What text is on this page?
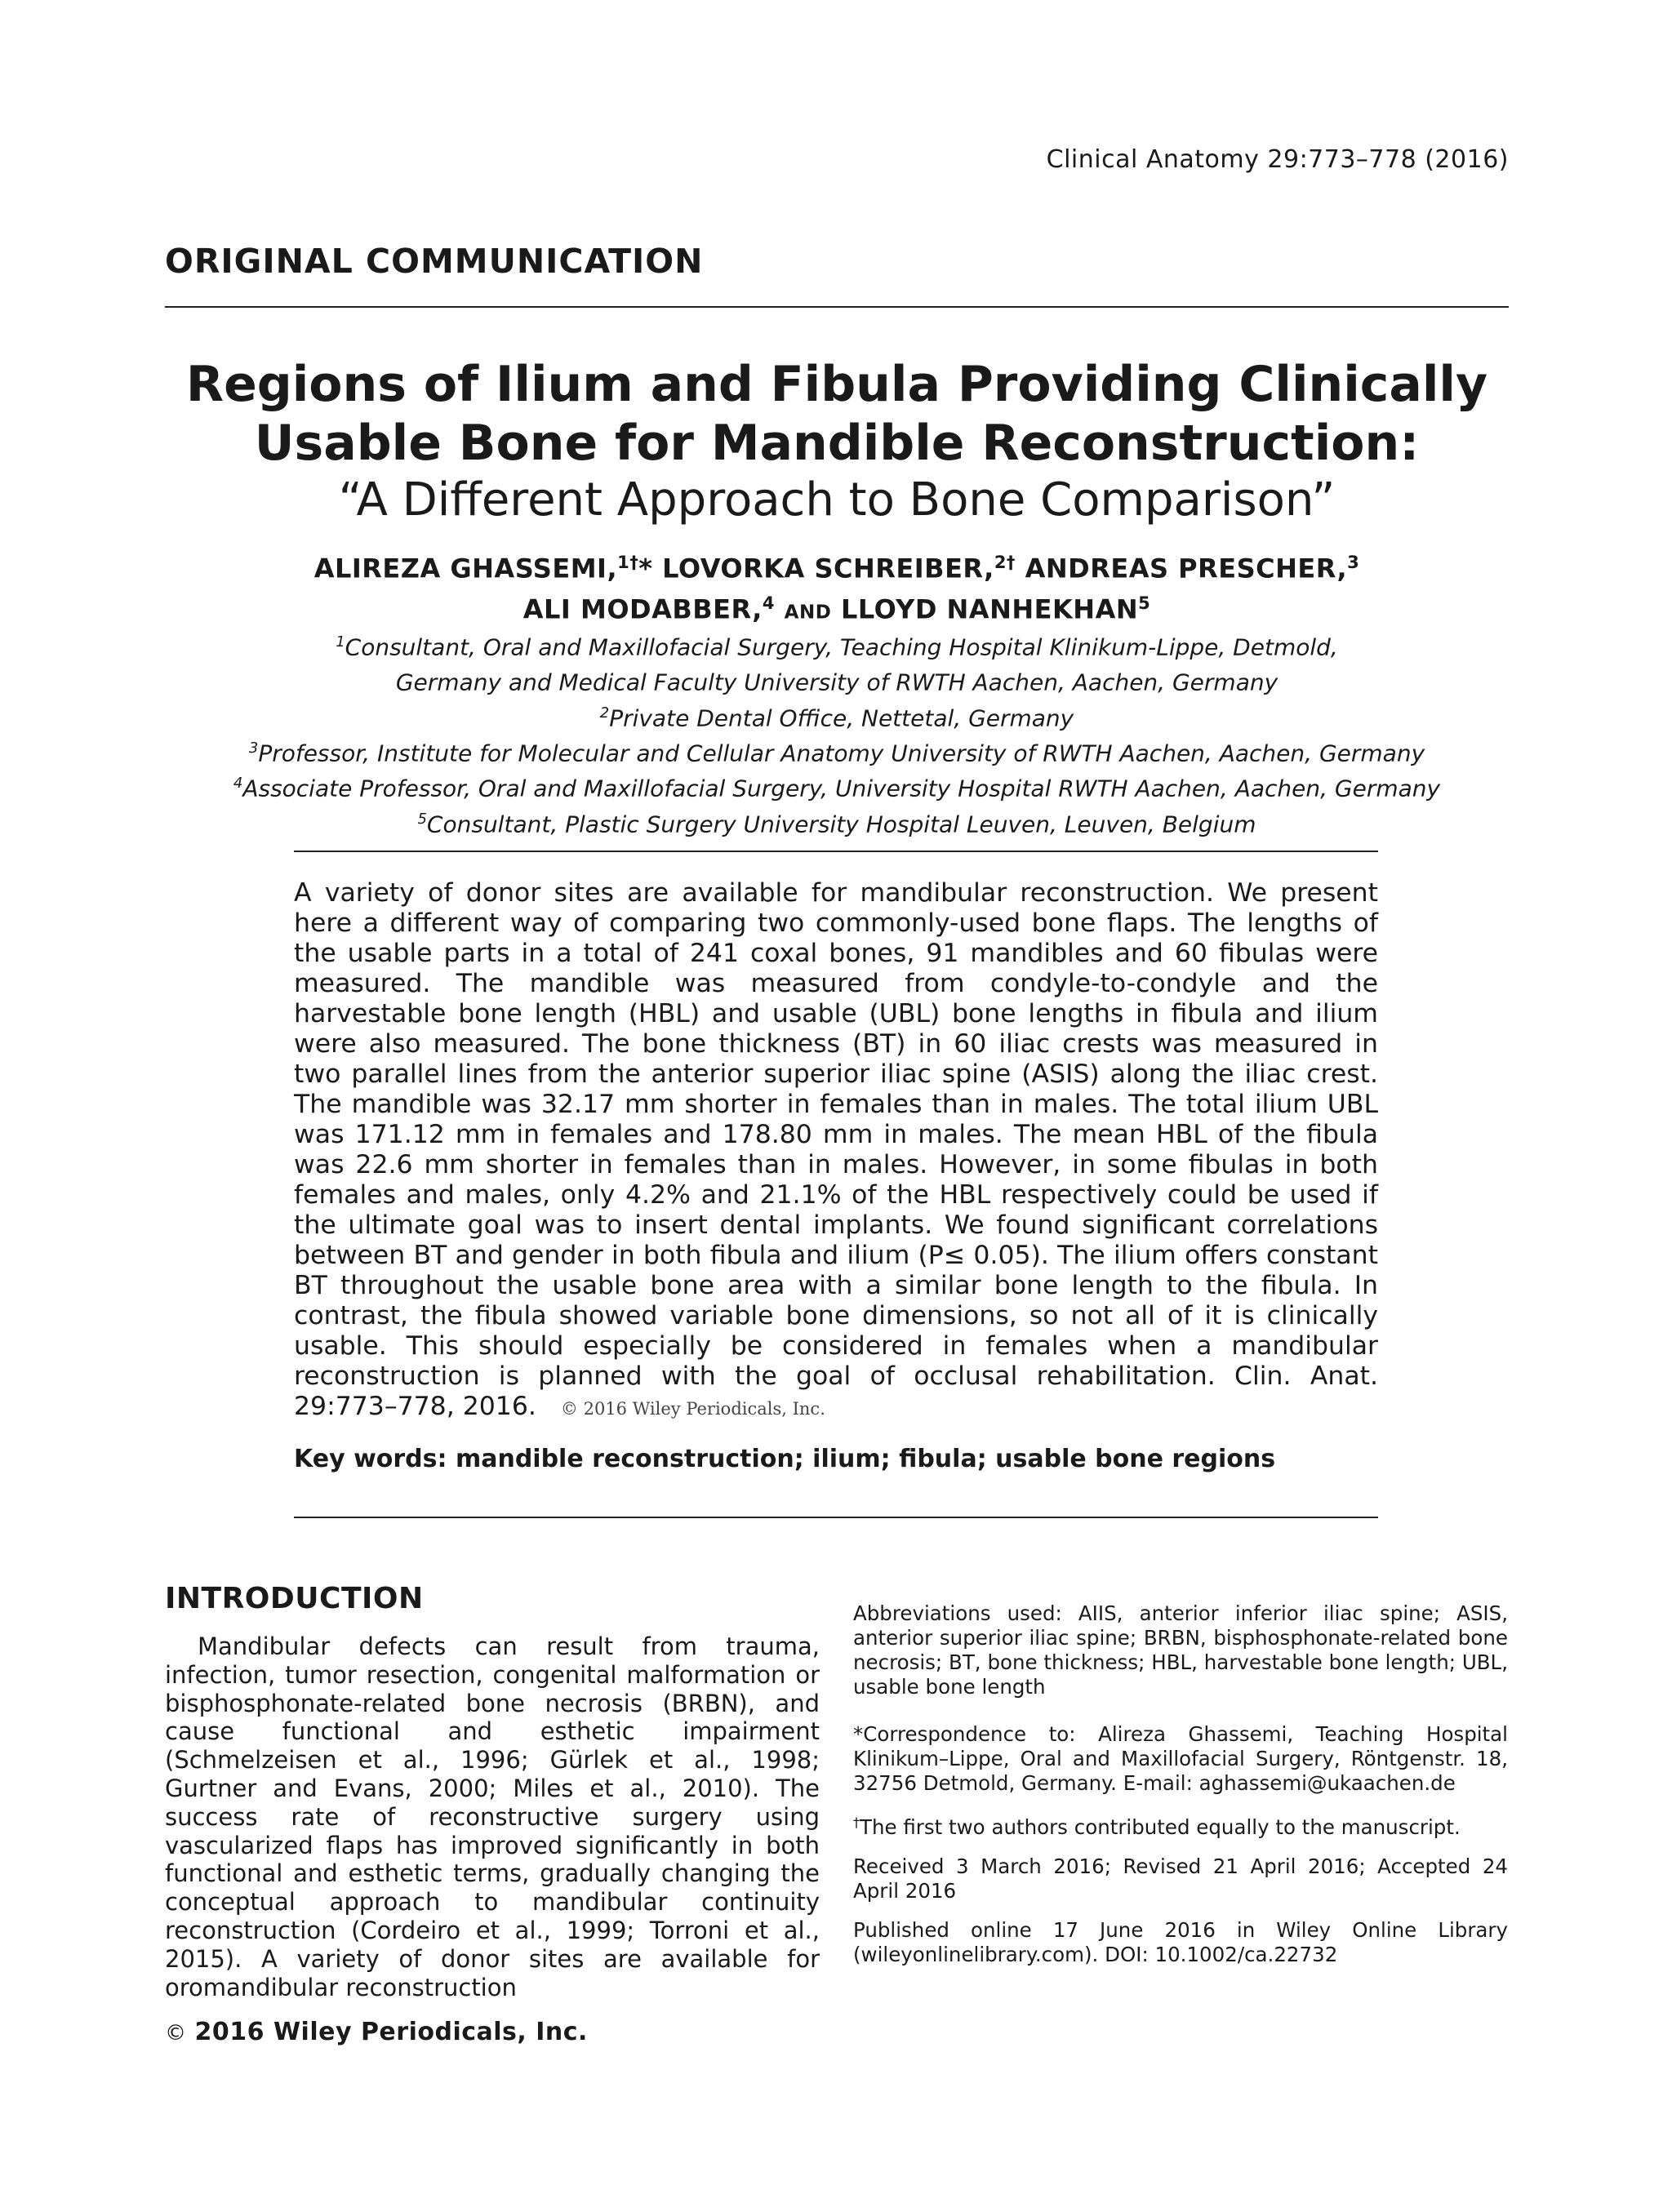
Clinical Anatomy 29:773–778 (2016)
ORIGINAL COMMUNICATION
Regions of Ilium and Fibula Providing Clinically
Usable Bone for Mandible Reconstruction:
“A Different Approach to Bone Comparison”
ALIREZA GHASSEMI,$^{1\dagger}$* LOVORKA SCHREIBER,$^{2\dagger}$ ANDREAS PRESCHER,$^3$
ALI MODABBER,$^4$ AND LLOYD NANHEKHAN$^5$
$^1$Consultant, Oral and Maxillofacial Surgery, Teaching Hospital Klinikum-Lippe, Detmold,
Germany and Medical Faculty University of RWTH Aachen, Aachen, Germany
$^2$Private Dental Office, Nettetal, Germany
$^3$Professor, Institute for Molecular and Cellular Anatomy University of RWTH Aachen, Aachen, Germany
$^4$Associate Professor, Oral and Maxillofacial Surgery, University Hospital RWTH Aachen, Aachen, Germany
$^5$Consultant, Plastic Surgery University Hospital Leuven, Leuven, Belgium
A variety of donor sites are available for mandibular reconstruction. We present here a different way of comparing two commonly-used bone flaps. The lengths of the usable parts in a total of 241 coxal bones, 91 mandibles and 60 fibulas were measured. The mandible was measured from condyle-to-condyle and the harvestable bone length (HBL) and usable (UBL) bone lengths in fibula and ilium were also measured. The bone thickness (BT) in 60 iliac crests was measured in two parallel lines from the anterior superior iliac spine (ASIS) along the iliac crest. The mandible was 32.17 mm shorter in females than in males. The total ilium UBL was 171.12 mm in females and 178.80 mm in males. The mean HBL of the fibula was 22.6 mm shorter in females than in males. However, in some fibulas in both females and males, only 4.2% and 21.1% of the HBL respectively could be used if the ultimate goal was to insert dental implants. We found significant correlations between BT and gender in both fibula and ilium (P≤ 0.05). The ilium offers constant BT throughout the usable bone area with a similar bone length to the fibula. In contrast, the fibula showed variable bone dimensions, so not all of it is clinically usable. This should especially be considered in females when a mandibular reconstruction is planned with the goal of occlusal rehabilitation. Clin. Anat. 29:773–778, 2016. © 2016 Wiley Periodicals, Inc.
Key words: mandible reconstruction; ilium; fibula; usable bone regions
INTRODUCTION
Mandibular defects can result from trauma, infection, tumor resection, congenital malformation or bisphosphonate-related bone necrosis (BRBN), and cause functional and esthetic impairment (Schmelzeisen et al., 1996; Gürlek et al., 1998; Gurtner and Evans, 2000; Miles et al., 2010). The success rate of reconstructive surgery using vascularized flaps has improved significantly in both functional and esthetic terms, gradually changing the conceptual approach to mandibular continuity reconstruction (Cordeiro et al., 1999; Torroni et al., 2015). A variety of donor sites are available for oromandibular reconstruction

Abbreviations used: AIIS, anterior inferior iliac spine; ASIS, anterior superior iliac spine; BRBN, bisphosphonate-related bone necrosis; BT, bone thickness; HBL, harvestable bone length; UBL, usable bone length

*Correspondence to: Alireza Ghassemi, Teaching Hospital Klinikum–Lippe, Oral and Maxillofacial Surgery, Röntgenstr. 18, 32756 Detmold, Germany. E-mail: aghassemi@ukaachen.de

†The first two authors contributed equally to the manuscript.

Received 3 March 2016; Revised 21 April 2016; Accepted 24 April 2016

Published online 17 June 2016 in Wiley Online Library (wileyonlinelibrary.com). DOI: 10.1002/ca.22732

© 2016 Wiley Periodicals, Inc.
